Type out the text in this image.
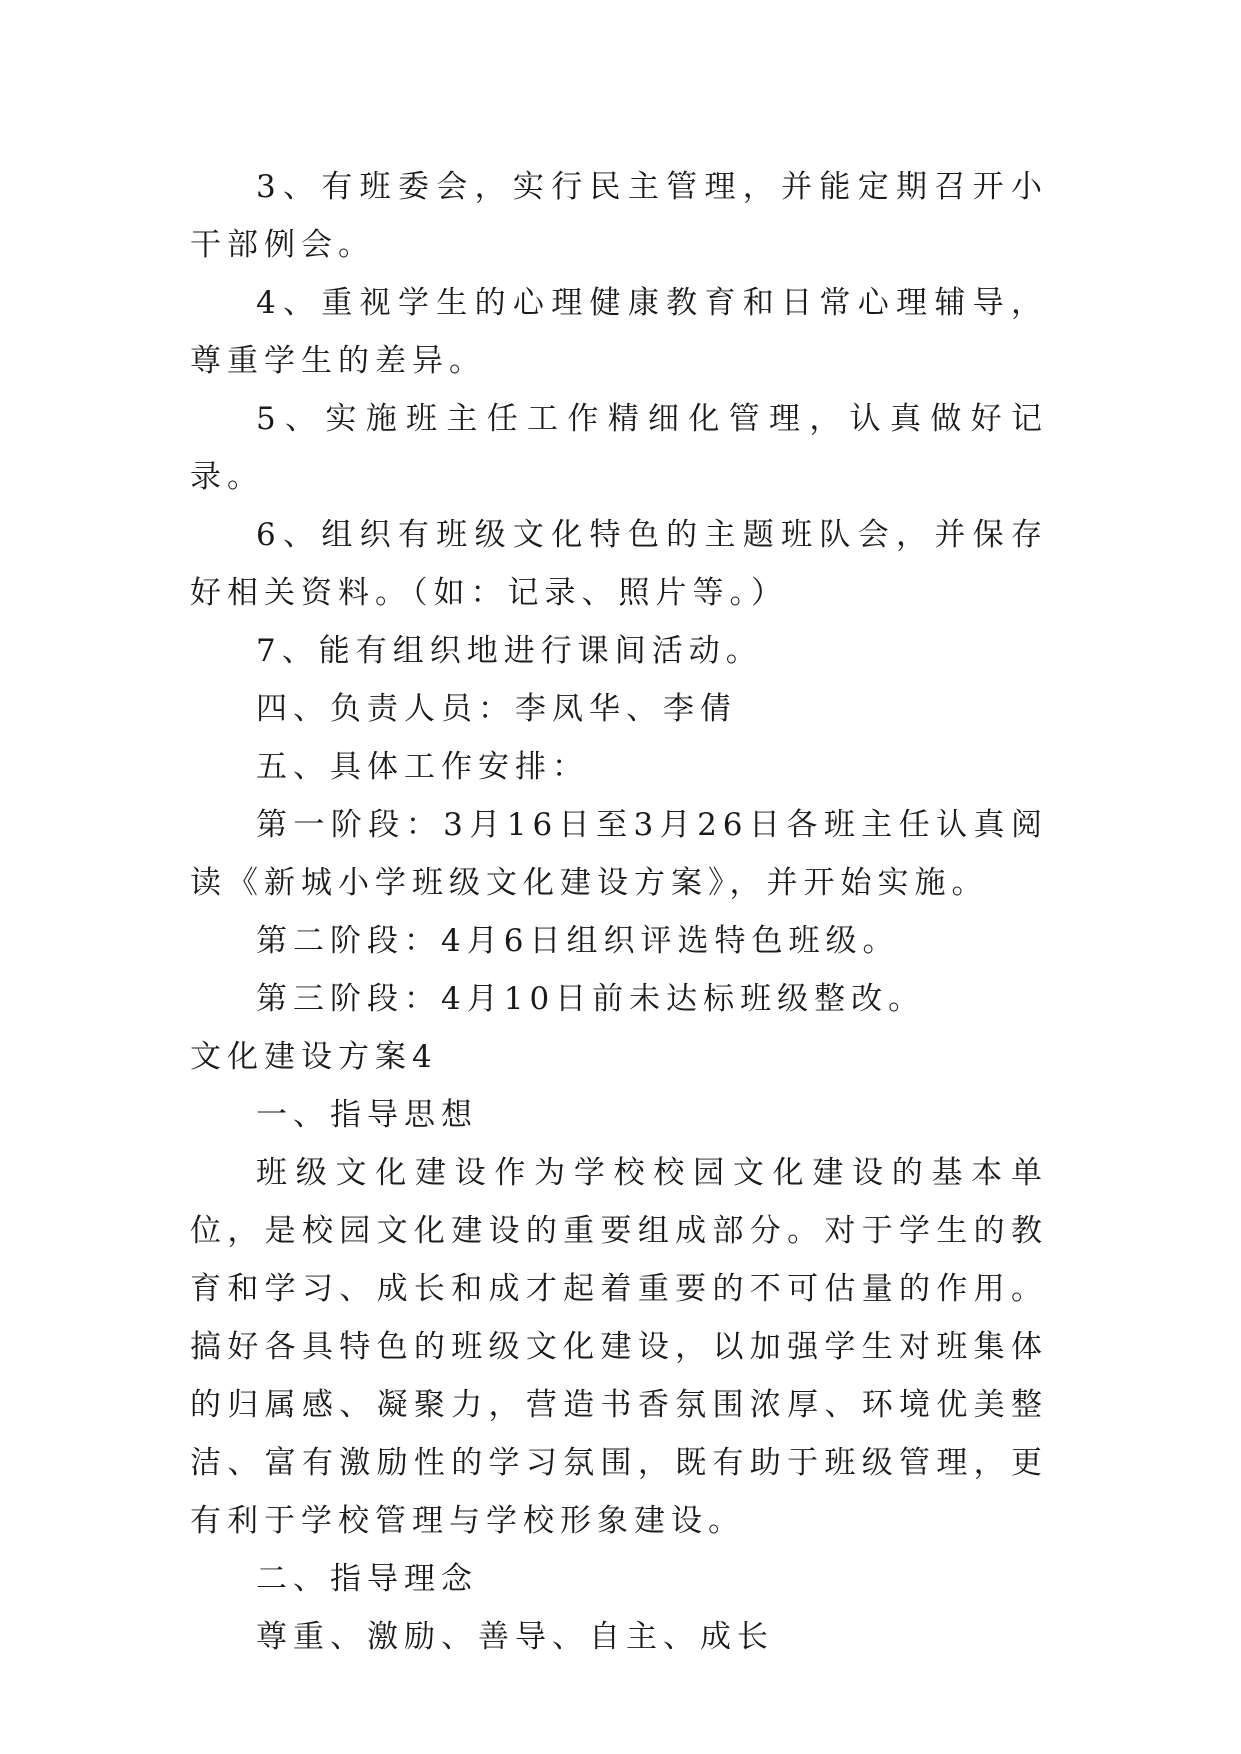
3、有班委会，实行民主管理，并能定期召开小干部例会。

4、重视学生的心理健康教育和日常心理辅导，尊重学生的差异。

5、实施班主任工作精细化管理，认真做好记录。

6、组织有班级文化特色的主题班队会，并保存好相关资料。（如：记录、照片等。）

7、能有组织地进行课间活动。

四、负责人员：李凤华、李倩

五、具体工作安排：

第一阶段：3月16日至3月26日各班主任认真阅读《新城小学班级文化建设方案》，并开始实施。

第二阶段：4月6日组织评选特色班级。

第三阶段：4月10日前未达标班级整改。

文化建设方案4

一、指导思想

班级文化建设作为学校校园文化建设的基本单位，是校园文化建设的重要组成部分。对于学生的教育和学习、成长和成才起着重要的不可估量的作用。搞好各具特色的班级文化建设，以加强学生对班集体的归属感、凝聚力，营造书香氛围浓厚、环境优美整洁、富有激励性的学习氛围，既有助于班级管理，更有利于学校管理与学校形象建设。

二、指导理念

尊重、激励、善导、自主、成长
